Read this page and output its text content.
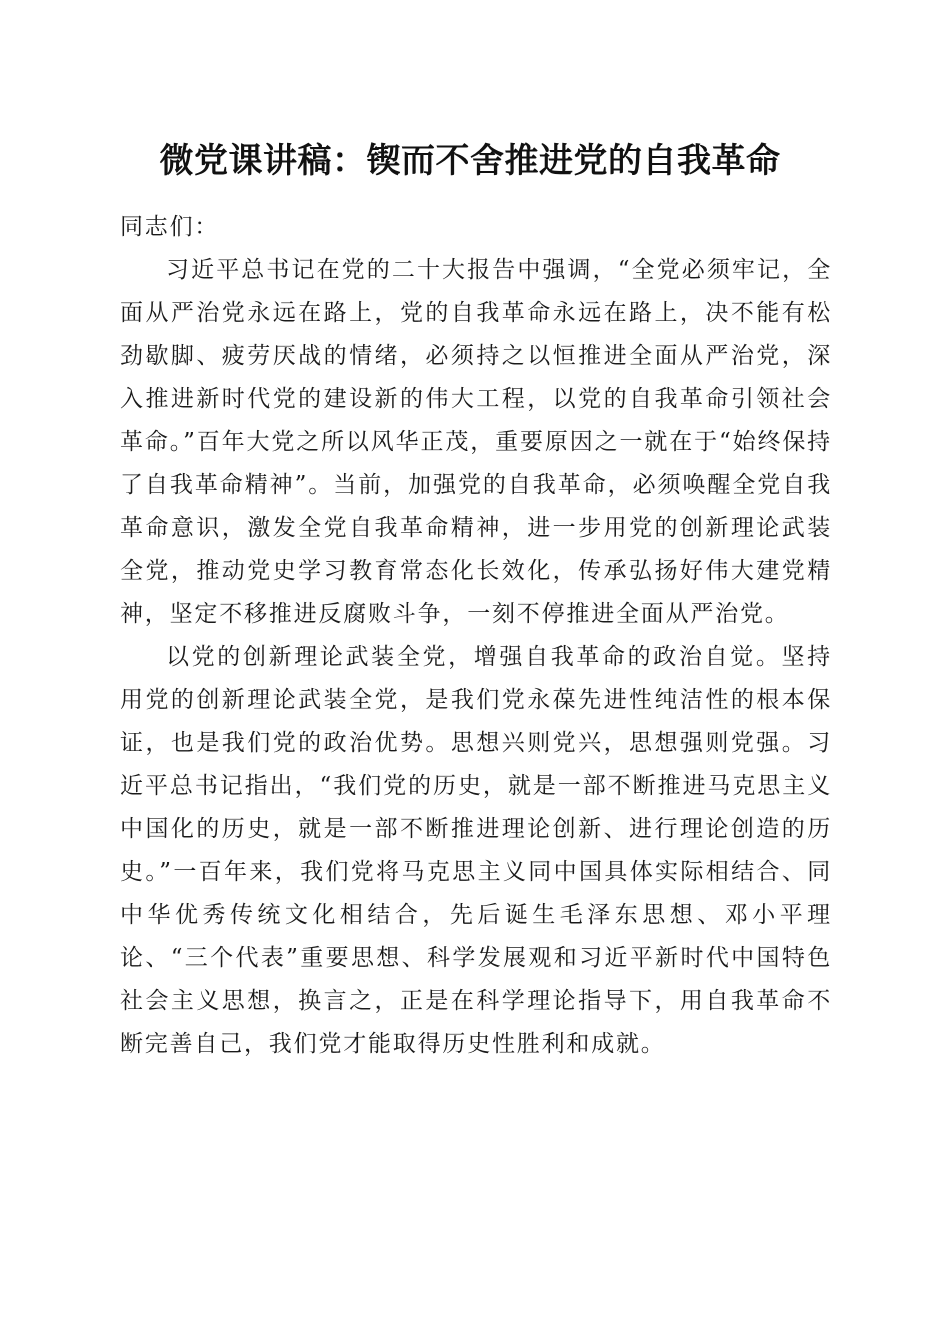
微党课讲稿：锲而不舍推进党的自我革命

同志们：

习近平总书记在党的二十大报告中强调，“全党必须牢记，全面从严治党永远在路上，党的自我革命永远在路上，决不能有松劲歇脚、疲劳厌战的情绪，必须持之以恒推进全面从严治党，深入推进新时代党的建设新的伟大工程，以党的自我革命引领社会革命。”百年大党之所以风华正茂，重要原因之一就在于“始终保持了自我革命精神”。当前，加强党的自我革命，必须唤醒全党自我革命意识，激发全党自我革命精神，进一步用党的创新理论武装全党，推动党史学习教育常态化长效化，传承弘扬好伟大建党精神，坚定不移推进反腐败斗争，一刻不停推进全面从严治党。

以党的创新理论武装全党，增强自我革命的政治自觉。坚持用党的创新理论武装全党，是我们党永葆先进性纯洁性的根本保证，也是我们党的政治优势。思想兴则党兴，思想强则党强。习近平总书记指出，“我们党的历史，就是一部不断推进马克思主义中国化的历史，就是一部不断推进理论创新、进行理论创造的历史。”一百年来，我们党将马克思主义同中国具体实际相结合、同中华优秀传统文化相结合，先后诞生毛泽东思想、邓小平理论、“三个代表”重要思想、科学发展观和习近平新时代中国特色社会主义思想，换言之，正是在科学理论指导下，用自我革命不断完善自己，我们党才能取得历史性胜利和成就。
